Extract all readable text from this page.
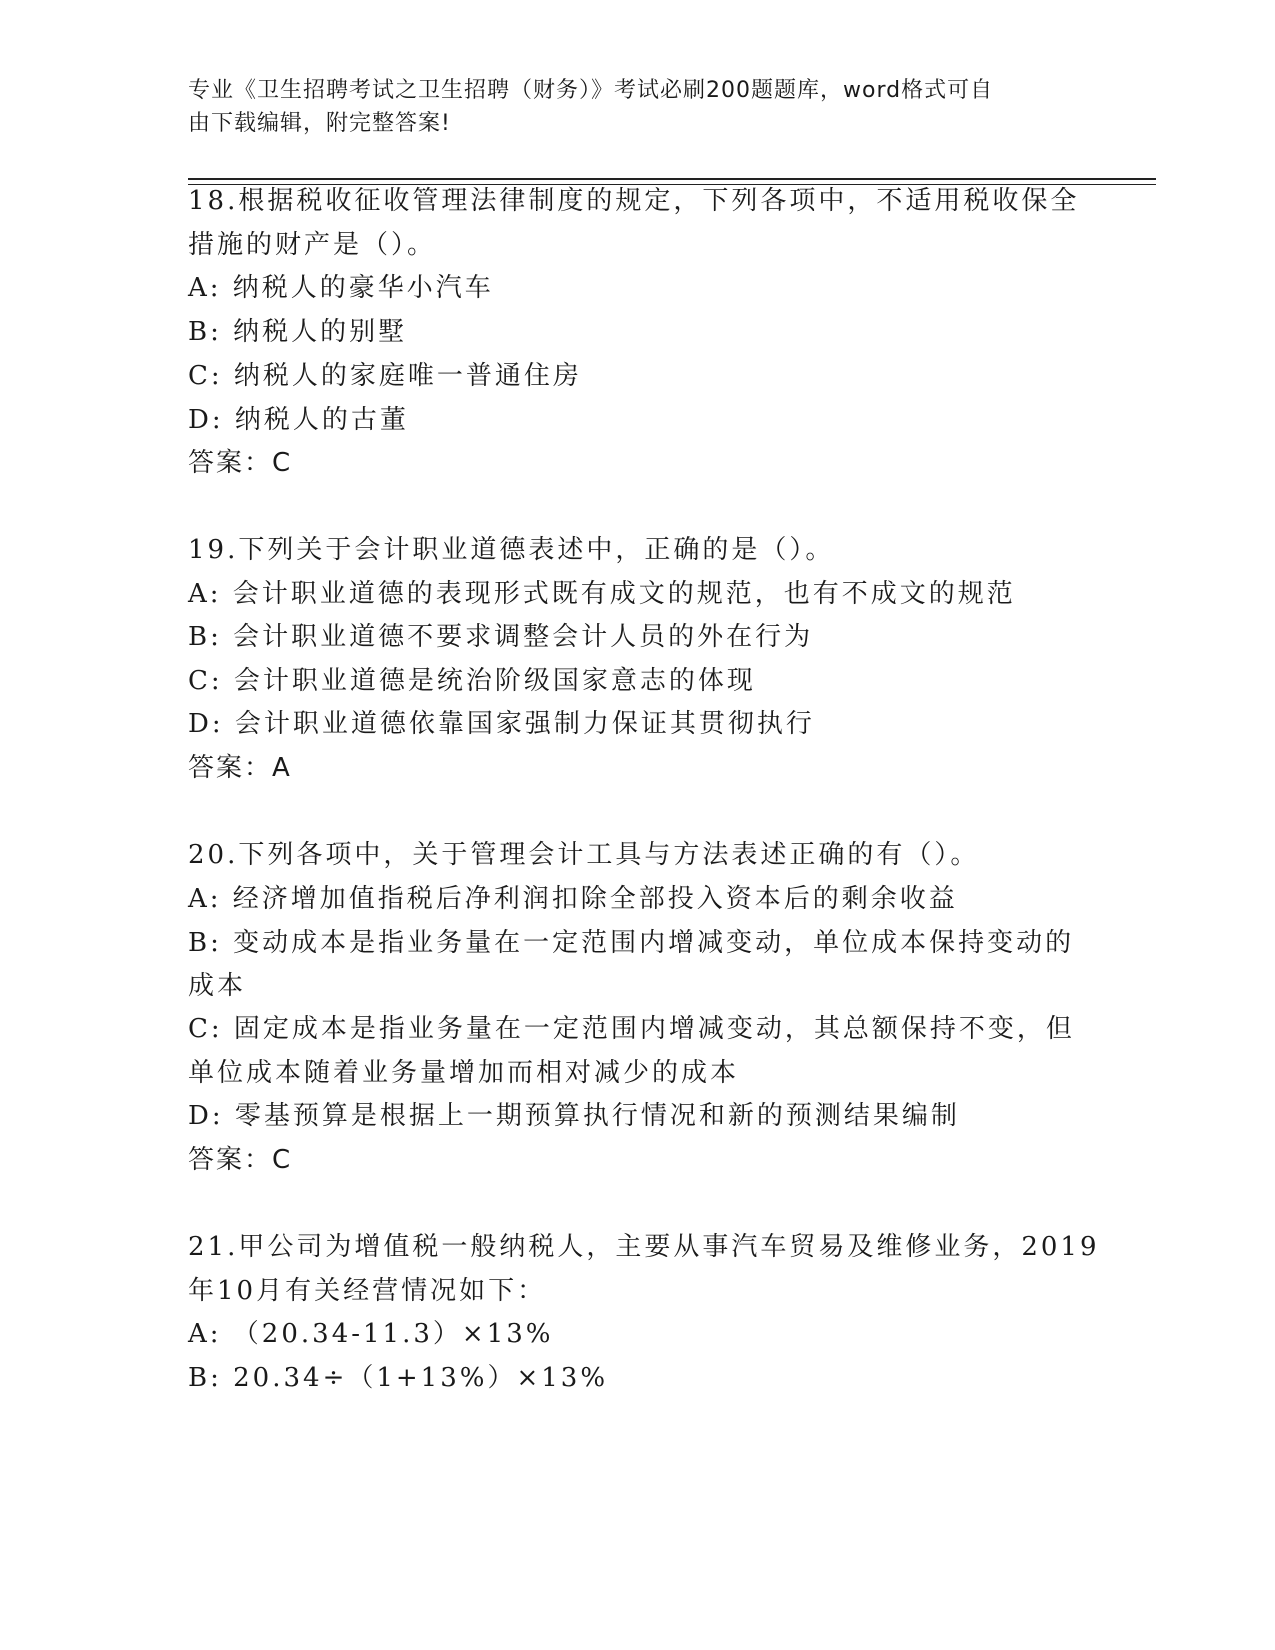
专业《卫生招聘考试之卫生招聘（财务）》考试必刷200题题库，word格式可自
由下载编辑，附完整答案!
18.根据税收征收管理法律制度的规定，下列各项中，不适用税收保全
措施的财产是（）。
A: 纳税人的豪华小汽车
B: 纳税人的别墅
C: 纳税人的家庭唯一普通住房
D: 纳税人的古董
答案：C
19.下列关于会计职业道德表述中，正确的是（）。
A: 会计职业道德的表现形式既有成文的规范，也有不成文的规范
B: 会计职业道德不要求调整会计人员的外在行为
C: 会计职业道德是统治阶级国家意志的体现
D: 会计职业道德依靠国家强制力保证其贯彻执行
答案：A
20.下列各项中，关于管理会计工具与方法表述正确的有（）。
A: 经济增加值指税后净利润扣除全部投入资本后的剩余收益
B: 变动成本是指业务量在一定范围内增减变动，单位成本保持变动的
成本
C: 固定成本是指业务量在一定范围内增减变动，其总额保持不变，但
单位成本随着业务量增加而相对减少的成本
D: 零基预算是根据上一期预算执行情况和新的预测结果编制
答案：C
21.甲公司为增值税一般纳税人，主要从事汽车贸易及维修业务，2019
年10月有关经营情况如下：
A: （20.34-11.3）×13%
B: 20.34÷（1+13%）×13%
